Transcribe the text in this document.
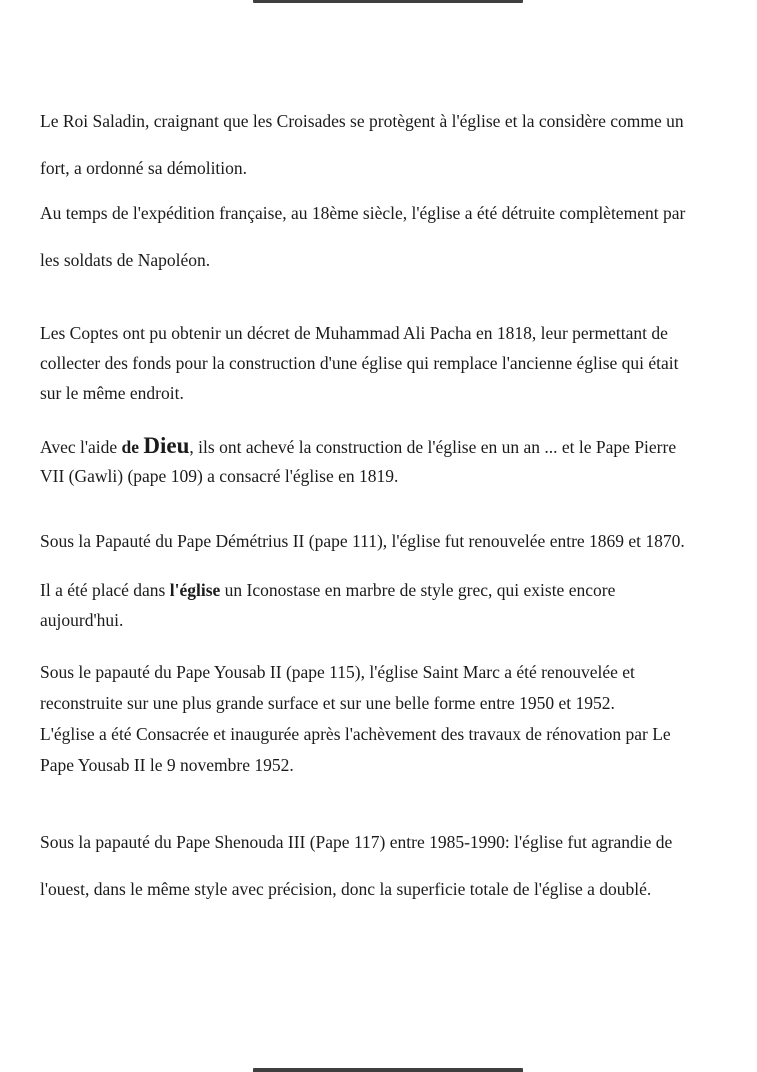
Le Roi Saladin, craignant que les Croisades se protègent à l'église et la considère comme un
fort, a ordonné sa démolition.

Au temps de l'expédition française, au 18ème siècle, l'église a été détruite complètement par
les soldats de Napoléon.

Les Coptes ont pu obtenir un décret de Muhammad Ali Pacha en 1818, leur permettant de
collecter des fonds pour la construction d'une église qui remplace l'ancienne église qui était
sur le même endroit.

Avec l'aide de Dieu, ils ont achevé la construction de l'église en un an ... et le Pape Pierre
VII (Gawli) (pape 109) a consacré l'église en 1819.

Sous la Papauté du Pape Démétrius II (pape 111), l'église fut renouvelée entre 1869 et 1870.

Il a été placé dans l'église un Iconostase en marbre de style grec, qui existe encore
aujourd'hui.

Sous le papauté du Pape Yousab II (pape 115), l'église Saint Marc a été renouvelée et
reconstruite sur une plus grande surface et sur une belle forme entre 1950 et 1952.
L'église a été Consacrée et inaugurée après l'achèvement des travaux de rénovation par Le
Pape Yousab II le 9 novembre 1952.

Sous la papauté du Pape Shenouda III (Pape 117) entre 1985-1990: l'église fut agrandie de
l'ouest, dans le même style avec précision, donc la superficie totale de l'église a doublé.
